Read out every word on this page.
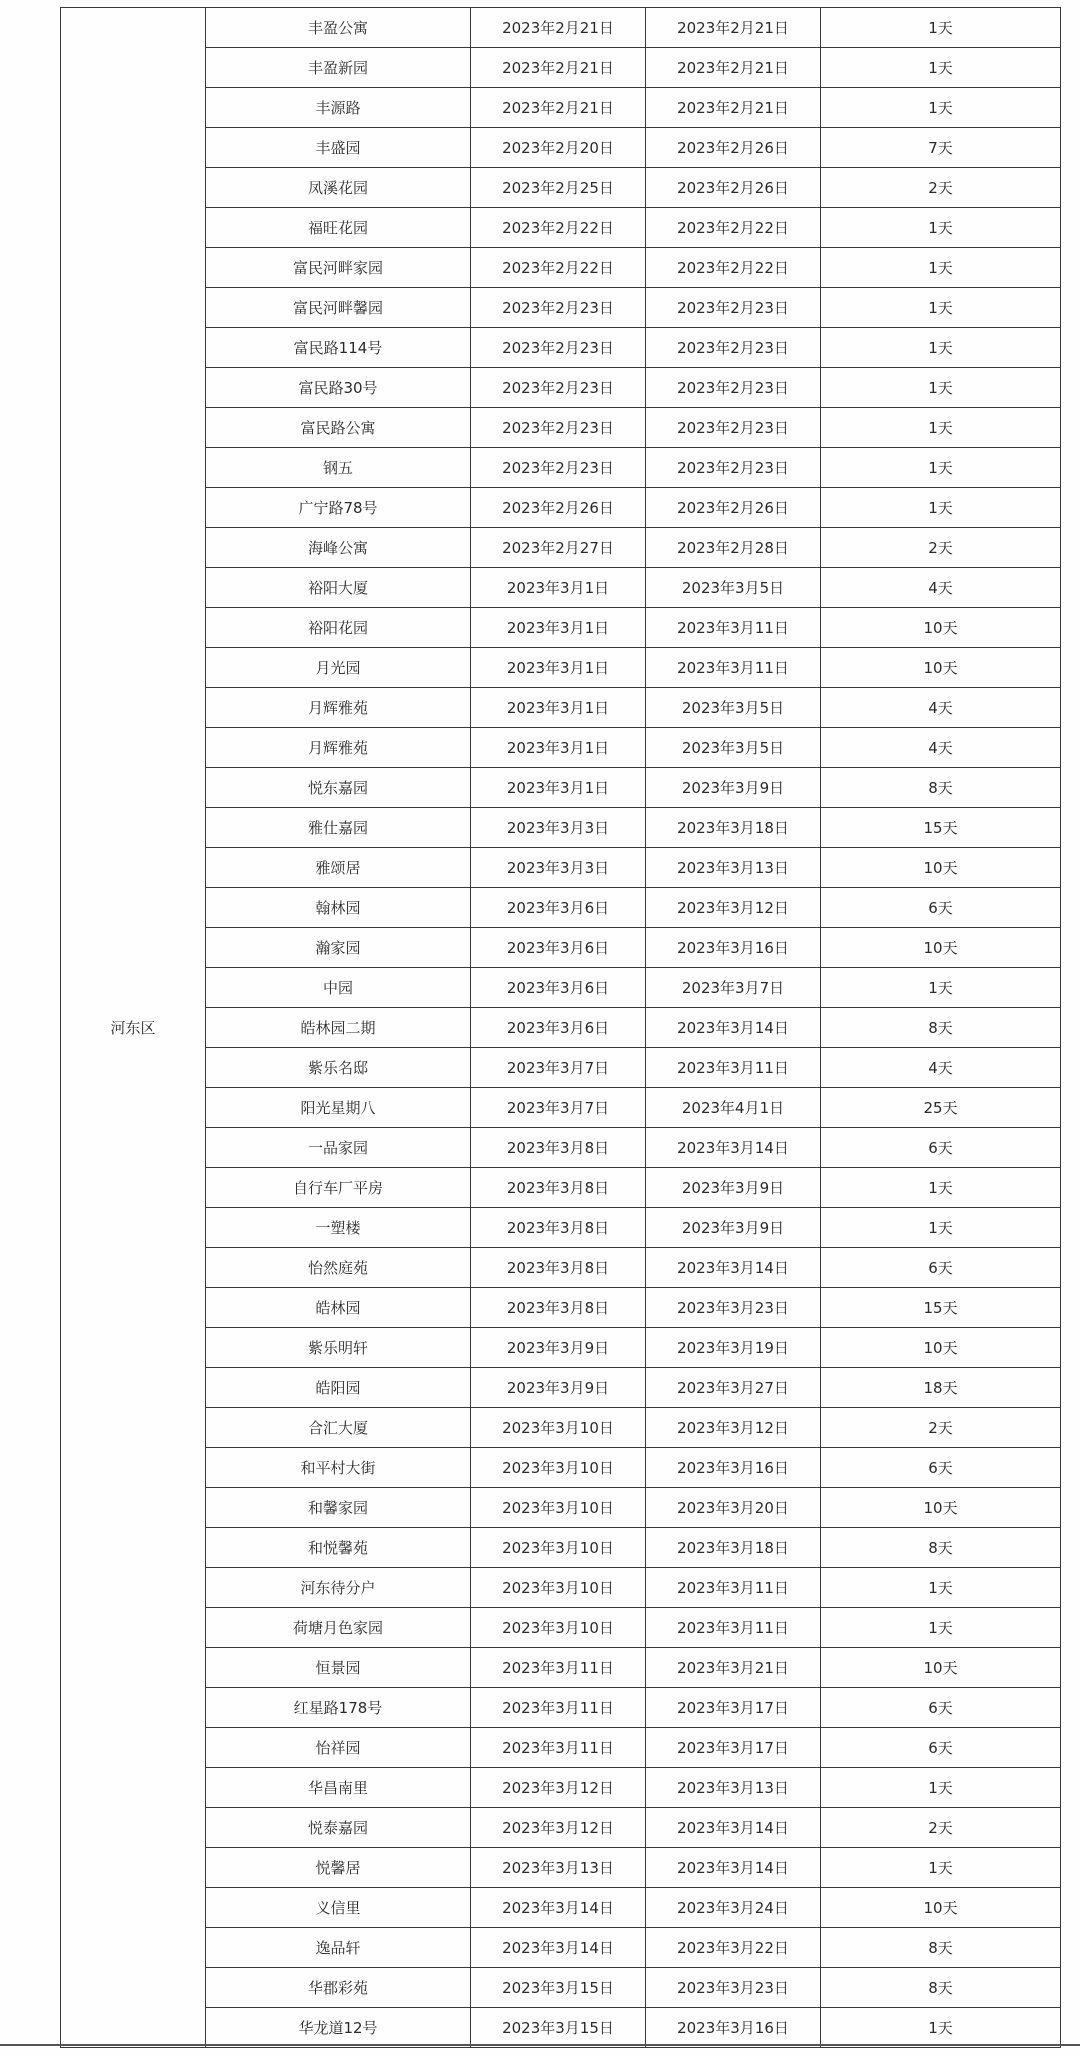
河东区	丰盈公寓	2023年2月21日	2023年2月21日	1天
	丰盈新园	2023年2月21日	2023年2月21日	1天
	丰源路	2023年2月21日	2023年2月21日	1天
	丰盛园	2023年2月20日	2023年2月26日	7天
	凤溪花园	2023年2月25日	2023年2月26日	2天
	福旺花园	2023年2月22日	2023年2月22日	1天
	富民河畔家园	2023年2月22日	2023年2月22日	1天
	富民河畔馨园	2023年2月23日	2023年2月23日	1天
	富民路114号	2023年2月23日	2023年2月23日	1天
	富民路30号	2023年2月23日	2023年2月23日	1天
	富民路公寓	2023年2月23日	2023年2月23日	1天
	钢五	2023年2月23日	2023年2月23日	1天
	广宁路78号	2023年2月26日	2023年2月26日	1天
	海峰公寓	2023年2月27日	2023年2月28日	2天
	裕阳大厦	2023年3月1日	2023年3月5日	4天
	裕阳花园	2023年3月1日	2023年3月11日	10天
	月光园	2023年3月1日	2023年3月11日	10天
	月辉雅苑	2023年3月1日	2023年3月5日	4天
	月辉雅苑	2023年3月1日	2023年3月5日	4天
	悦东嘉园	2023年3月1日	2023年3月9日	8天
	雅仕嘉园	2023年3月3日	2023年3月18日	15天
	雅颂居	2023年3月3日	2023年3月13日	10天
	翰林园	2023年3月6日	2023年3月12日	6天
	瀚家园	2023年3月6日	2023年3月16日	10天
	中园	2023年3月6日	2023年3月7日	1天
	皓林园二期	2023年3月6日	2023年3月14日	8天
	紫乐名邸	2023年3月7日	2023年3月11日	4天
	阳光星期八	2023年3月7日	2023年4月1日	25天
	一品家园	2023年3月8日	2023年3月14日	6天
	自行车厂平房	2023年3月8日	2023年3月9日	1天
	一塑楼	2023年3月8日	2023年3月9日	1天
	怡然庭苑	2023年3月8日	2023年3月14日	6天
	皓林园	2023年3月8日	2023年3月23日	15天
	紫乐明轩	2023年3月9日	2023年3月19日	10天
	皓阳园	2023年3月9日	2023年3月27日	18天
	合汇大厦	2023年3月10日	2023年3月12日	2天
	和平村大街	2023年3月10日	2023年3月16日	6天
	和馨家园	2023年3月10日	2023年3月20日	10天
	和悦馨苑	2023年3月10日	2023年3月18日	8天
	河东待分户	2023年3月10日	2023年3月11日	1天
	荷塘月色家园	2023年3月10日	2023年3月11日	1天
	恒景园	2023年3月11日	2023年3月21日	10天
	红星路178号	2023年3月11日	2023年3月17日	6天
	怡祥园	2023年3月11日	2023年3月17日	6天
	华昌南里	2023年3月12日	2023年3月13日	1天
	悦泰嘉园	2023年3月12日	2023年3月14日	2天
	悦馨居	2023年3月13日	2023年3月14日	1天
	义信里	2023年3月14日	2023年3月24日	10天
	逸品轩	2023年3月14日	2023年3月22日	8天
	华郡彩苑	2023年3月15日	2023年3月23日	8天
	华龙道12号	2023年3月15日	2023年3月16日	1天
